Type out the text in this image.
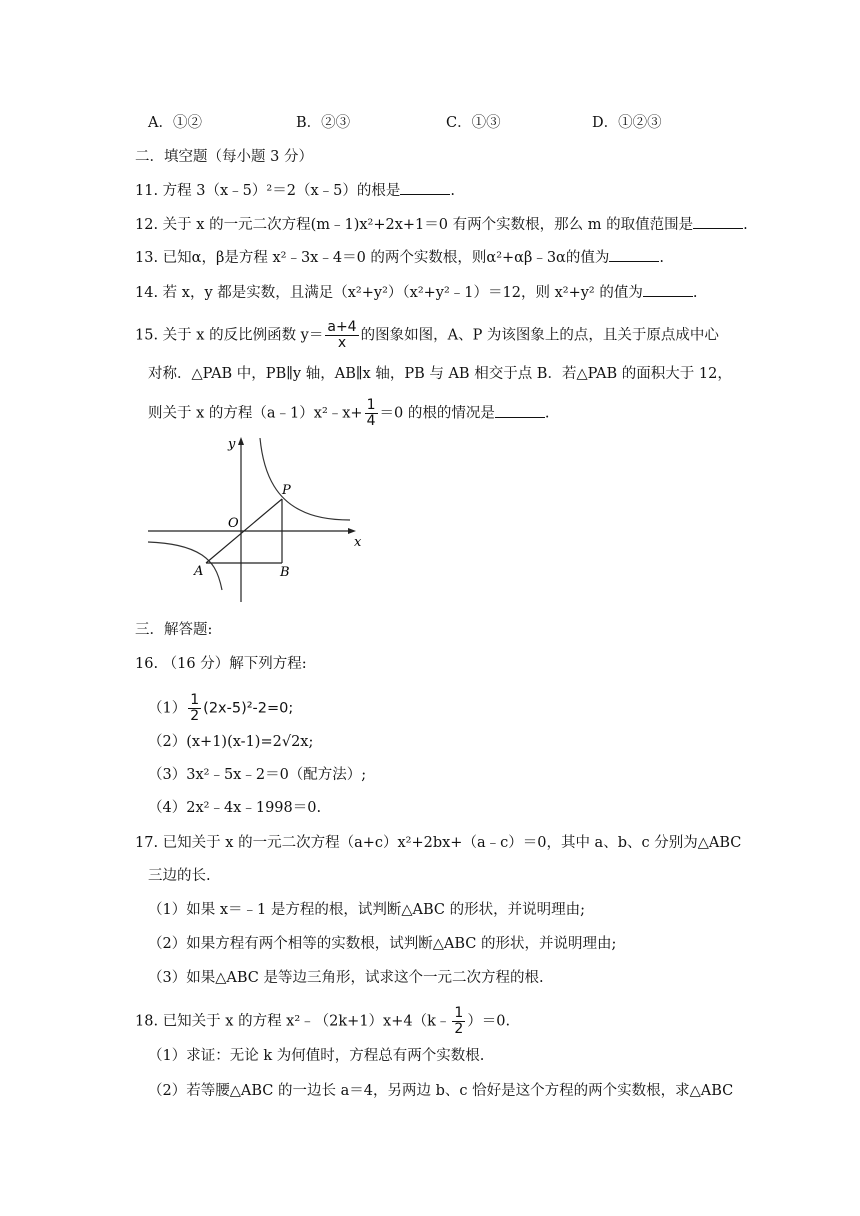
A．①②	B．②③	C．①③	D．①②③
二．填空题（每小题 3 分）
11. 方程 3（x﹣5）²＝2（x﹣5）的根是	.
12. 关于 x 的一元二次方程(m﹣1)x²+2x+1＝0 有两个实数根，那么 m 的取值范围是	.
13. 已知α，β是方程 x²﹣3x﹣4＝0 的两个实数根，则α²+αβ﹣3α的值为	.
14. 若 x，y 都是实数，且满足（x²+y²）（x²+y²﹣1）＝12，则 x²+y² 的值为	.
15. 关于 x 的反比例函数 $y= \frac{a+4}{x}$ 的图象如图，A、P 为该图象上的点，且关于原点成中心
对称．△PAB 中，PB∥y 轴，AB∥x 轴，PB 与 AB 相交于点 B．若△PAB 的面积大于 12，
则关于 x 的方程（a﹣1）x²﹣x+ $\frac{1}{4} =0$ 的根的情况是	.
y
x
O
P
A	B
三．解答题:
16. （16 分）解下列方程:
$(1) \frac{1}{2} (2x-5)^2-2=0$;
（2）(x+1)(x-1)=2√2x;
（3）3x²﹣5x﹣2＝0（配方法）;
（4）2x²﹣4x﹣1998＝0.
17. 已知关于 x 的一元二次方程（a+c）x²+2bx+（a﹣c）＝0，其中 a、b、c 分别为△ABC
三边的长.
（1）如果 x＝﹣1 是方程的根，试判断△ABC 的形状，并说明理由;
（2）如果方程有两个相等的实数根，试判断△ABC 的形状，并说明理由;
（3）如果△ABC 是等边三角形，试求这个一元二次方程的根.
18. 已知关于 x 的方程 x²﹣（2k+1）x+4（k﹣ $\frac{1}{2} )=0$.
（1）求证：无论 k 为何值时，方程总有两个实数根.
（2）若等腰△ABC 的一边长 a＝4，另两边 b、c 恰好是这个方程的两个实数根，求△ABC
